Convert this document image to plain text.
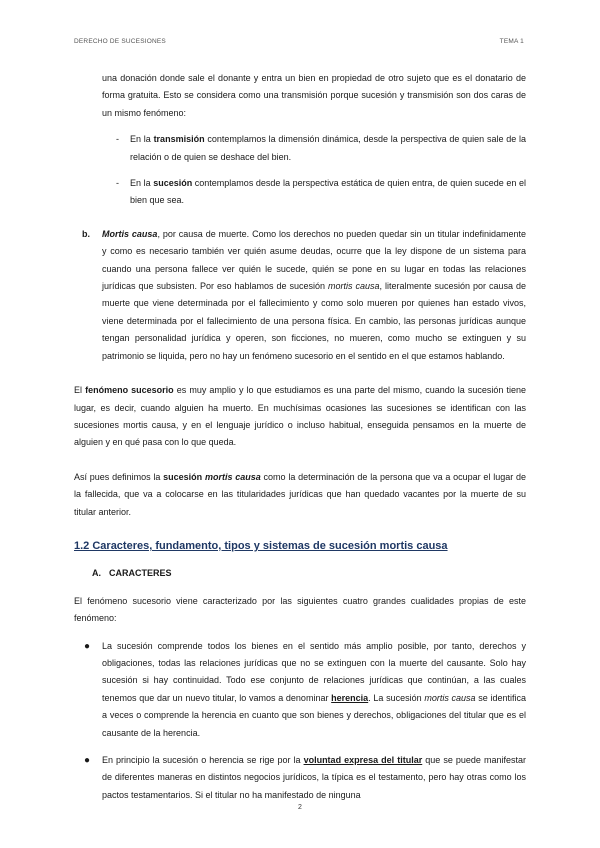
DERECHO DE SUCESIONES	TEMA 1

una donación donde sale el donante y entra un bien en propiedad de otro sujeto que es el donatario de forma gratuita. Esto se considera como una transmisión porque sucesión y transmisión son dos caras de un mismo fenómeno:

- En la transmisión contemplamos la dimensión dinámica, desde la perspectiva de quien sale de la relación o de quien se deshace del bien.

- En la sucesión contemplamos desde la perspectiva estática de quien entra, de quien sucede en el bien que sea.

b. Mortis causa, por causa de muerte. Como los derechos no pueden quedar sin un titular indefinidamente y como es necesario también ver quién asume deudas, ocurre que la ley dispone de un sistema para cuando una persona fallece ver quién le sucede, quién se pone en su lugar en todas las relaciones jurídicas que subsisten. Por eso hablamos de sucesión mortis causa, literalmente sucesión por causa de muerte que viene determinada por el fallecimiento y como solo mueren por quienes han estado vivos, viene determinada por el fallecimiento de una persona física. En cambio, las personas jurídicas aunque tengan personalidad jurídica y operen, son ficciones, no mueren, como mucho se extinguen y su patrimonio se liquida, pero no hay un fenómeno sucesorio en el sentido en el que estamos hablando.

El fenómeno sucesorio es muy amplio y lo que estudiamos es una parte del mismo, cuando la sucesión tiene lugar, es decir, cuando alguien ha muerto. En muchísimas ocasiones las sucesiones se identifican con las sucesiones mortis causa, y en el lenguaje jurídico o incluso habitual, enseguida pensamos en la muerte de alguien y en qué pasa con lo que queda.

Así pues definimos la sucesión mortis causa como la determinación de la persona que va a ocupar el lugar de la fallecida, que va a colocarse en las titularidades jurídicas que han quedado vacantes por la muerte de su titular anterior.

1.2 Caracteres, fundamento, tipos y sistemas de sucesión mortis causa
A. CARACTERES

El fenómeno sucesorio viene caracterizado por las siguientes cuatro grandes cualidades propias de este fenómeno:

● La sucesión comprende todos los bienes en el sentido más amplio posible, por tanto, derechos y obligaciones, todas las relaciones jurídicas que no se extinguen con la muerte del causante. Solo hay sucesión si hay continuidad. Todo ese conjunto de relaciones jurídicas que continúan, a las cuales tenemos que dar un nuevo titular, lo vamos a denominar herencia. La sucesión mortis causa se identifica a veces o comprende la herencia en cuanto que son bienes y derechos, obligaciones del titular que es el causante de la herencia.

● En principio la sucesión o herencia se rige por la voluntad expresa del titular que se puede manifestar de diferentes maneras en distintos negocios jurídicos, la típica es el testamento, pero hay otras como los pactos testamentarios. Si el titular no ha manifestado de ninguna

2
